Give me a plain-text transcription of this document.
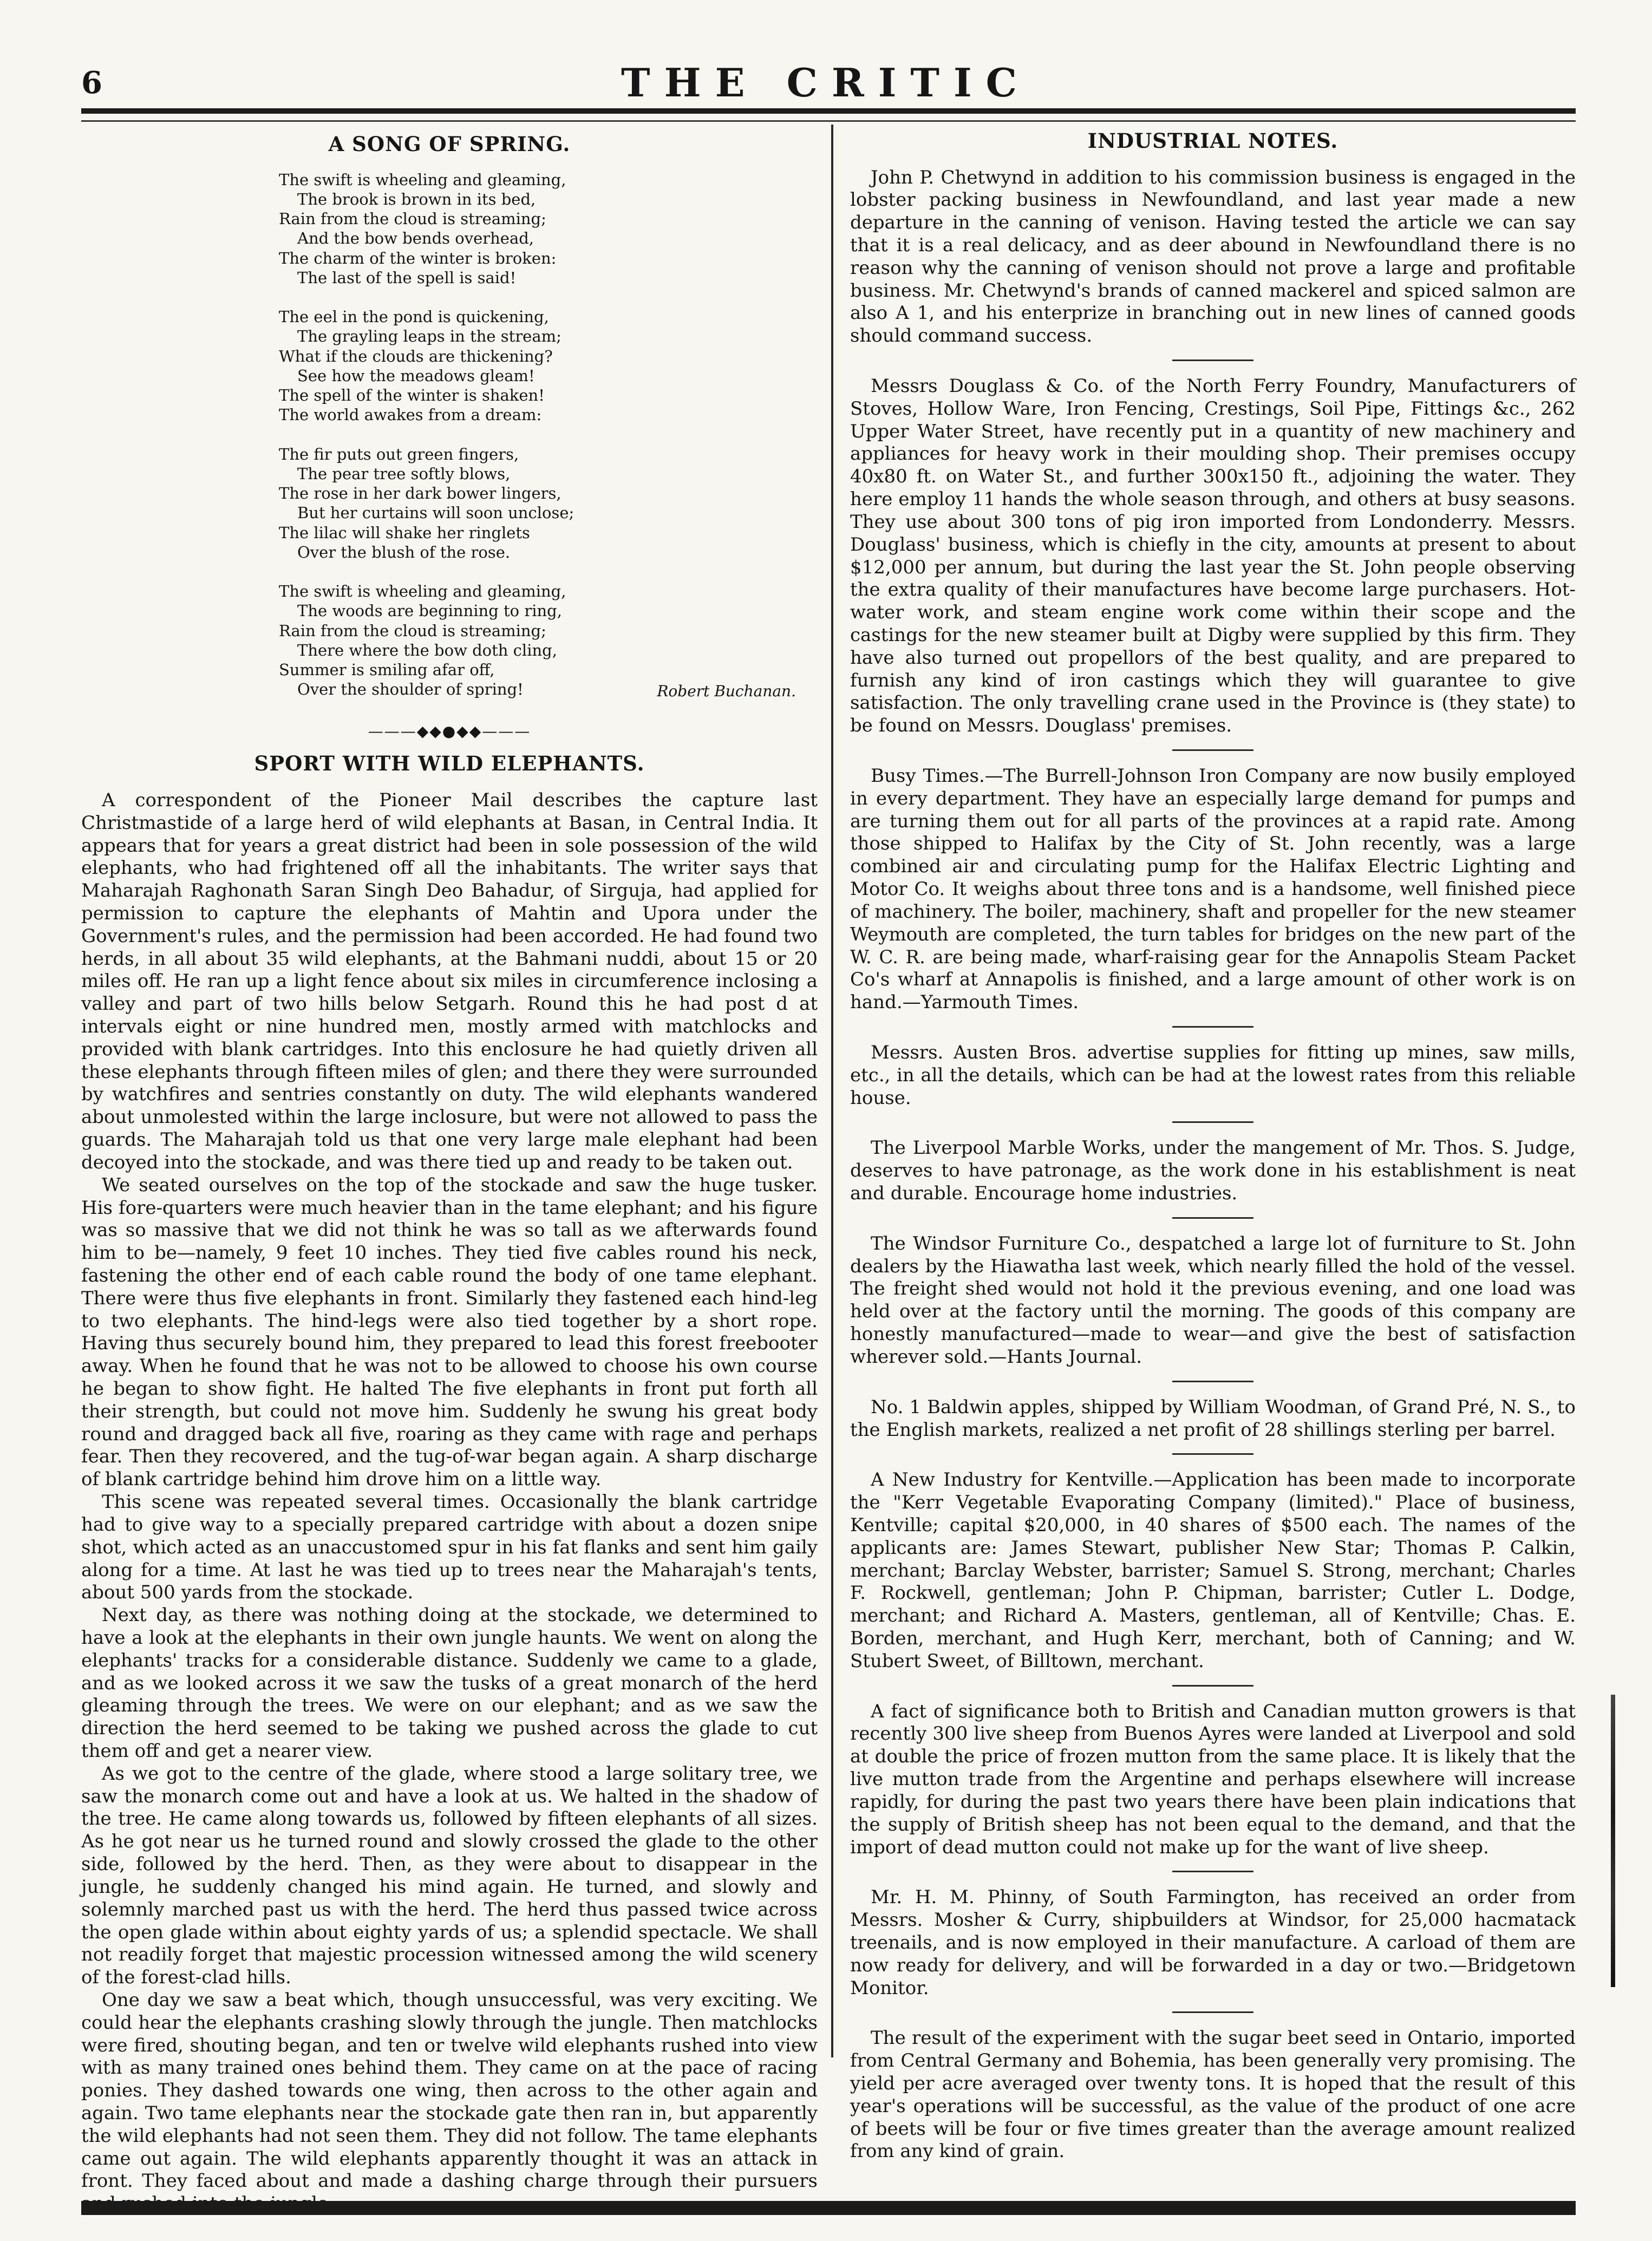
6	THE CRITIC
A SONG OF SPRING.
The swift is wheeling and gleaming,
The brook is brown in its bed,
Rain from the cloud is streaming;
And the bow bends overhead,
The charm of the winter is broken:
The last of the spell is said!
The eel in the pond is quickening,
The grayling leaps in the stream;
What if the clouds are thickening?
See how the meadows gleam!
The spell of the winter is shaken!
The world awakes from a dream:
The fir puts out green fingers,
The pear tree softly blows,
The rose in her dark bower lingers,
But her curtains will soon unclose;
The lilac will shake her ringlets
Over the blush of the rose.
The swift is wheeling and gleaming,
The woods are beginning to ring,
Rain from the cloud is streaming;
There where the bow doth cling,
Summer is smiling afar off,
Over the shoulder of spring!	Robert Buchanan.
———◆◆●◆◆———
SPORT WITH WILD ELEPHANTS.

A correspondent of the Pioneer Mail describes the capture last Christmastide of a large herd of wild elephants at Basan, in Central India. It appears that for years a great district had been in sole possession of the wild elephants, who had frightened off all the inhabitants. The writer says that Maharajah Raghonath Saran Singh Deo Bahadur, of Sirguja, had applied for permission to capture the elephants of Mahtin and Upora under the Government's rules, and the permission had been accorded. He had found two herds, in all about 35 wild elephants, at the Bahmani nuddi, about 15 or 20 miles off. He ran up a light fence about six miles in circumference inclosing a valley and part of two hills below Setgarh. Round this he had post d at intervals eight or nine hundred men, mostly armed with matchlocks and provided with blank cartridges. Into this enclosure he had quietly driven all these elephants through fifteen miles of glen; and there they were surrounded by watchfires and sentries constantly on duty. The wild elephants wandered about unmolested within the large inclosure, but were not allowed to pass the guards. The Maharajah told us that one very large male elephant had been decoyed into the stockade, and was there tied up and ready to be taken out.

We seated ourselves on the top of the stockade and saw the huge tusker. His fore-quarters were much heavier than in the tame elephant; and his figure was so massive that we did not think he was so tall as we afterwards found him to be—namely, 9 feet 10 inches. They tied five cables round his neck, fastening the other end of each cable round the body of one tame elephant. There were thus five elephants in front. Similarly they fastened each hind-leg to two elephants. The hind-legs were also tied together by a short rope. Having thus securely bound him, they prepared to lead this forest freebooter away. When he found that he was not to be allowed to choose his own course he began to show fight. He halted The five elephants in front put forth all their strength, but could not move him. Suddenly he swung his great body round and dragged back all five, roaring as they came with rage and perhaps fear. Then they recovered, and the tug-of-war began again. A sharp discharge of blank cartridge behind him drove him on a little way.

This scene was repeated several times. Occasionally the blank cartridge had to give way to a specially prepared cartridge with about a dozen snipe shot, which acted as an unaccustomed spur in his fat flanks and sent him gaily along for a time. At last he was tied up to trees near the Maharajah's tents, about 500 yards from the stockade.

Next day, as there was nothing doing at the stockade, we determined to have a look at the elephants in their own jungle haunts. We went on along the elephants' tracks for a considerable distance. Suddenly we came to a glade, and as we looked across it we saw the tusks of a great monarch of the herd gleaming through the trees. We were on our elephant; and as we saw the direction the herd seemed to be taking we pushed across the glade to cut them off and get a nearer view.

As we got to the centre of the glade, where stood a large solitary tree, we saw the monarch come out and have a look at us. We halted in the shadow of the tree. He came along towards us, followed by fifteen elephants of all sizes. As he got near us he turned round and slowly crossed the glade to the other side, followed by the herd. Then, as they were about to disappear in the jungle, he suddenly changed his mind again. He turned, and slowly and solemnly marched past us with the herd. The herd thus passed twice across the open glade within about eighty yards of us; a splendid spectacle. We shall not readily forget that majestic procession witnessed among the wild scenery of the forest-clad hills.

One day we saw a beat which, though unsuccessful, was very exciting. We could hear the elephants crashing slowly through the jungle. Then matchlocks were fired, shouting began, and ten or twelve wild elephants rushed into view with as many trained ones behind them. They came on at the pace of racing ponies. They dashed towards one wing, then across to the other again and again. Two tame elephants near the stockade gate then ran in, but apparently the wild elephants had not seen them. They did not follow. The tame elephants came out again. The wild elephants apparently thought it was an attack in front. They faced about and made a dashing charge through their pursuers

INDUSTRIAL NOTES.

John P. Chetwynd in addition to his commission business is engaged in the lobster packing business in Newfoundland, and last year made a new departure in the canning of venison. Having tested the article we can say that it is a real delicacy, and as deer abound in Newfoundland there is no reason why the canning of venison should not prove a large and profitable business. Mr. Chetwynd's brands of canned mackerel and spiced salmon are also A 1, and his enterprize in branching out in new lines of canned goods should command success.

Messrs Douglass & Co. of the North Ferry Foundry, Manufacturers of Stoves, Hollow Ware, Iron Fencing, Crestings, Soil Pipe, Fittings &c., 262 Upper Water Street, have recently put in a quantity of new machinery and appliances for heavy work in their moulding shop. Their premises occupy 40x80 ft. on Water St., and further 300x150 ft., adjoining the water. They here employ 11 hands the whole season through, and others at busy seasons. They use about 300 tons of pig iron imported from Londonderry. Messrs. Douglass' business, which is chiefly in the city, amounts at present to about $12,000 per annum, but during the last year the St. John people observing the extra quality of their manufactures have become large purchasers. Hot-water work, and steam engine work come within their scope and the castings for the new steamer built at Digby were supplied by this firm. They have also turned out propellors of the best quality, and are prepared to furnish any kind of iron castings which they will guarantee to give satisfaction. The only travelling crane used in the Province is (they state) to be found on Messrs. Douglass' premises.

Busy Times.—The Burrell-Johnson Iron Company are now busily employed in every department. They have an especially large demand for pumps and are turning them out for all parts of the provinces at a rapid rate. Among those shipped to Halifax by the City of St. John recently, was a large combined air and circulating pump for the Halifax Electric Lighting and Motor Co. It weighs about three tons and is a handsome, well finished piece of machinery. The boiler, machinery, shaft and propeller for the new steamer Weymouth are completed, the turn tables for bridges on the new part of the W. C. R. are being made, wharf-raising gear for the Annapolis Steam Packet Co's wharf at Annapolis is finished, and a large amount of other work is on hand.—Yarmouth Times.

Messrs. Austen Bros. advertise supplies for fitting up mines, saw mills, etc., in all the details, which can be had at the lowest rates from this reliable house.

The Liverpool Marble Works, under the mangement of Mr. Thos. S. Judge, deserves to have patronage, as the work done in his establishment is neat and durable. Encourage home industries.

The Windsor Furniture Co., despatched a large lot of furniture to St. John dealers by the Hiawatha last week, which nearly filled the hold of the vessel. The freight shed would not hold it the previous evening, and one load was held over at the factory until the morning. The goods of this company are honestly manufactured—made to wear—and give the best of satisfaction wherever sold.—Hants Journal.

No. 1 Baldwin apples, shipped by William Woodman, of Grand Pré, N. S., to the English markets, realized a net profit of 28 shillings sterling per barrel.

A New Industry for Kentville.—Application has been made to incorporate the "Kerr Vegetable Evaporating Company (limited)." Place of business, Kentville; capital $20,000, in 40 shares of $500 each. The names of the applicants are: James Stewart, publisher New Star; Thomas P. Calkin, merchant; Barclay Webster, barrister; Samuel S. Strong, merchant; Charles F. Rockwell, gentleman; John P. Chipman, barrister; Cutler L. Dodge, merchant; and Richard A. Masters, gentleman, all of Kentville; Chas. E. Borden, merchant, and Hugh Kerr, merchant, both of Canning; and W. Stubert Sweet, of Billtown, merchant.

A fact of significance both to British and Canadian mutton growers is that recently 300 live sheep from Buenos Ayres were landed at Liverpool and sold at double the price of frozen mutton from the same place. It is likely that the live mutton trade from the Argentine and perhaps elsewhere will increase rapidly, for during the past two years there have been plain indications that the supply of British sheep has not been equal to the demand, and that the import of dead mutton could not make up for the want of live sheep.

Mr. H. M. Phinny, of South Farmington, has received an order from Messrs. Mosher & Curry, shipbuilders at Windsor, for 25,000 hacmatack treenails, and is now employed in their manufacture. A carload of them are now ready for delivery, and will be forwarded in a day or two.—Bridgetown Monitor.

The result of the experiment with the sugar beet seed in Ontario, imported from Central Germany and Bohemia, has been generally very promising. The yield per acre averaged over twenty tons. It is hoped that the result of this year's operations will be successful, as the value of the product of one acre of beets will be four or five times greater than the average amount realized from any kind of grain.
